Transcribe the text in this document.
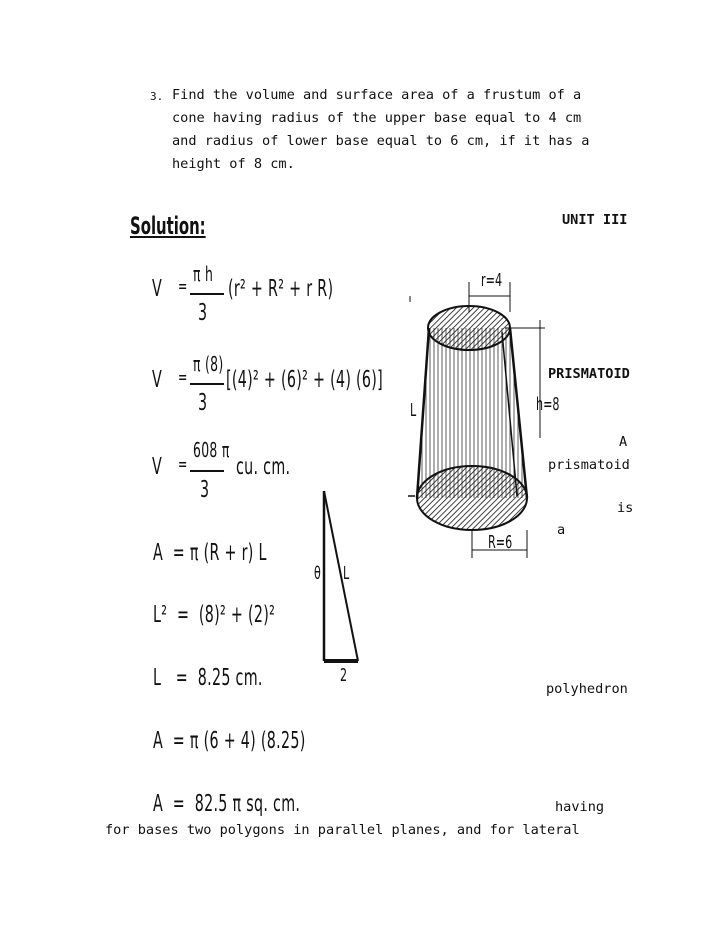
3. Find the volume and surface area of a frustum of a
cone having radius of the upper base equal to 4 cm
and radius of lower base equal to 6 cm, if it has a
height of 8 cm.
UNIT III
Solution:
V =
π h
3
(r² + R² + r R)
V =
π (8)
3
[(4)² + (6)² + (4) (6)]
V =
608 π
3
cu. cm.
A  = π (R + r) L
L²  =  (8)² + (2)²
L   =  8.25 cm.
A  = π (6 + 4) (8.25)
A  =  82.5 π sq. cm.
θ L
2
r=4
h=8
R=6
L
PRISMATOID
A
prismatoid
is
a
polyhedron
having
for bases two polygons in parallel planes, and for lateral
